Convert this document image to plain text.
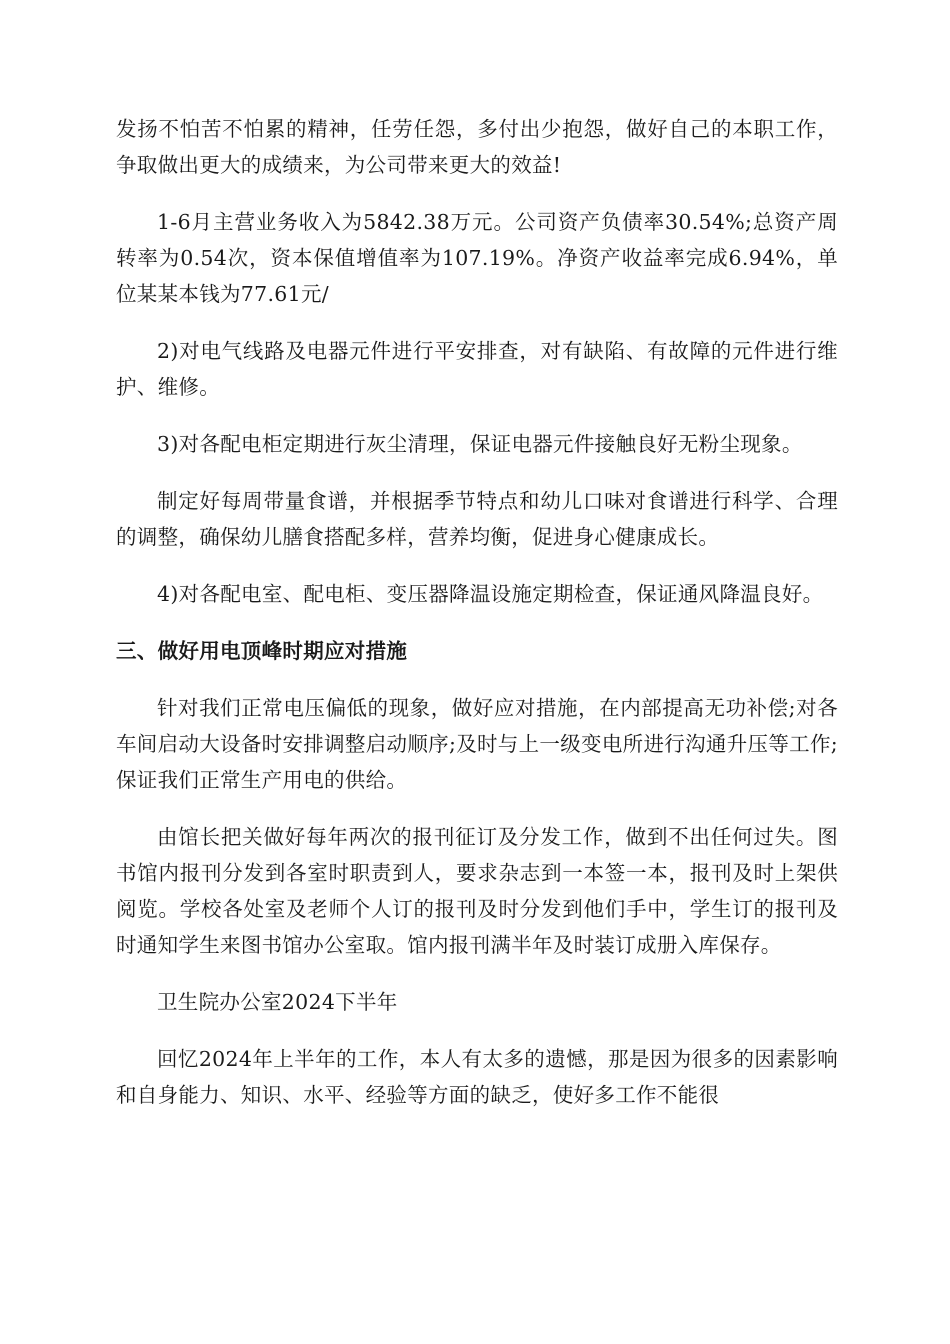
发扬不怕苦不怕累的精神，任劳任怨，多付出少抱怨，做好自己的本职工作，争取做出更大的成绩来，为公司带来更大的效益!

1-6月主营业务收入为5842.38万元。公司资产负债率30.54%;总资产周转率为0.54次，资本保值增值率为107.19%。净资产收益率完成6.94%，单位某某本钱为77.61元/

2)对电气线路及电器元件进行平安排查，对有缺陷、有故障的元件进行维护、维修。

3)对各配电柜定期进行灰尘清理，保证电器元件接触良好无粉尘现象。

制定好每周带量食谱，并根据季节特点和幼儿口味对食谱进行科学、合理的调整，确保幼儿膳食搭配多样，营养均衡，促进身心健康成长。

4)对各配电室、配电柜、变压器降温设施定期检查，保证通风降温良好。

三、做好用电顶峰时期应对措施

针对我们正常电压偏低的现象，做好应对措施，在内部提高无功补偿;对各车间启动大设备时安排调整启动顺序;及时与上一级变电所进行沟通升压等工作;保证我们正常生产用电的供给。

由馆长把关做好每年两次的报刊征订及分发工作，做到不出任何过失。图书馆内报刊分发到各室时职责到人，要求杂志到一本签一本，报刊及时上架供阅览。学校各处室及老师个人订的报刊及时分发到他们手中，学生订的报刊及时通知学生来图书馆办公室取。馆内报刊满半年及时装订成册入库保存。

卫生院办公室2024下半年

回忆2024年上半年的工作，本人有太多的遗憾，那是因为很多的因素影响和自身能力、知识、水平、经验等方面的缺乏，使好多工作不能很
